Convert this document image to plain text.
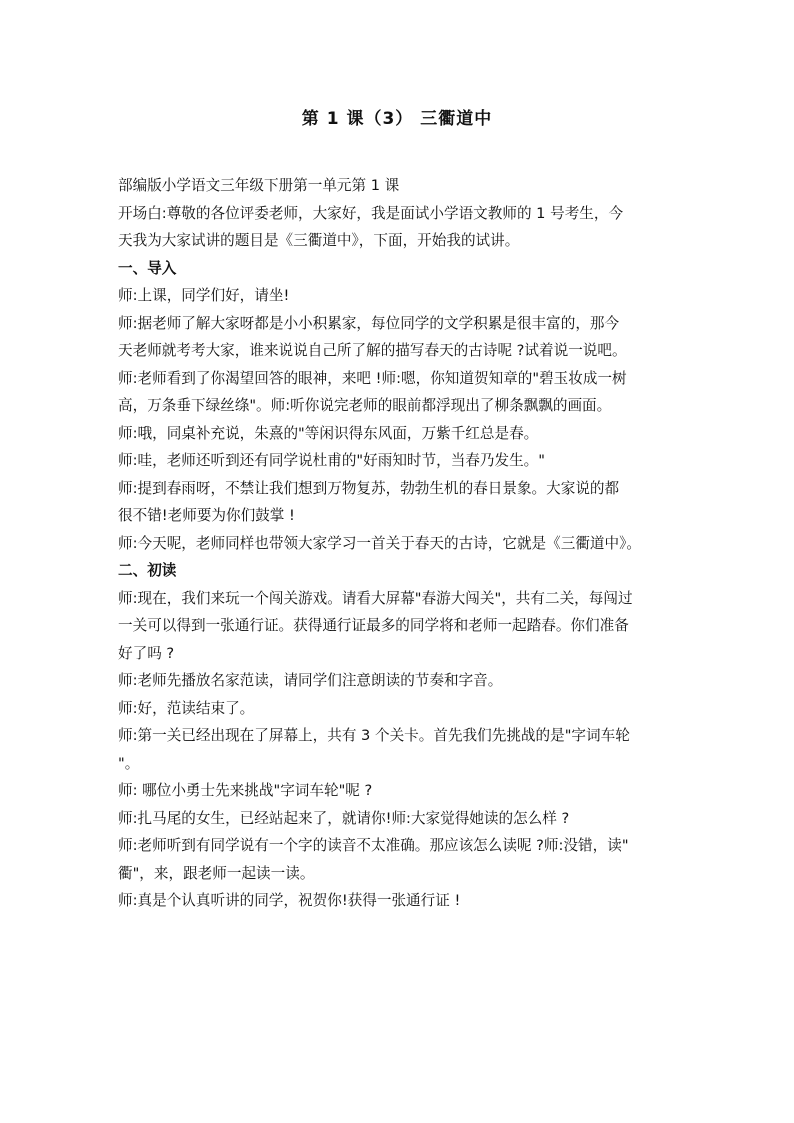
第 1 课（3） 三衢道中
部编版小学语文三年级下册第一单元第 1 课
开场白:尊敬的各位评委老师，大家好，我是面试小学语文教师的 1 号考生，今
天我为大家试讲的题目是《三衢道中》，下面，开始我的试讲。
一、导入
师:上课，同学们好，请坐!
师:据老师了解大家呀都是小小积累家，每位同学的文学积累是很丰富的，那今
天老师就考考大家，谁来说说自己所了解的描写春天的古诗呢 ?试着说一说吧。
师:老师看到了你渴望回答的眼神，来吧 !师:嗯，你知道贺知章的"碧玉妆成一树
高，万条垂下绿丝绦"。师:听你说完老师的眼前都浮现出了柳条飘飘的画面。
师:哦，同桌补充说，朱熹的"等闲识得东风面，万紫千红总是春。
师:哇，老师还听到还有同学说杜甫的"好雨知时节，当春乃发生。"
师:提到春雨呀，不禁让我们想到万物复苏，勃勃生机的春日景象。大家说的都
很不错!老师要为你们鼓掌 !
师:今天呢，老师同样也带领大家学习一首关于春天的古诗，它就是《三衢道中》。
二、初读
师:现在，我们来玩一个闯关游戏。请看大屏幕"春游大闯关"，共有二关，每闯过
一关可以得到一张通行证。获得通行证最多的同学将和老师一起踏春。你们准备
好了吗 ?
师:老师先播放名家范读，请同学们注意朗读的节奏和字音。
师:好，范读结束了。
师:第一关已经出现在了屏幕上，共有 3 个关卡。首先我们先挑战的是"字词车轮
"。
师: 哪位小勇士先来挑战"字词车轮"呢 ?
师:扎马尾的女生，已经站起来了，就请你!师:大家觉得她读的怎么样 ?
师:老师听到有同学说有一个字的读音不太准确。那应该怎么读呢 ?师:没错，读"
衢"，来，跟老师一起读一读。
师:真是个认真听讲的同学，祝贺你!获得一张通行证 !
